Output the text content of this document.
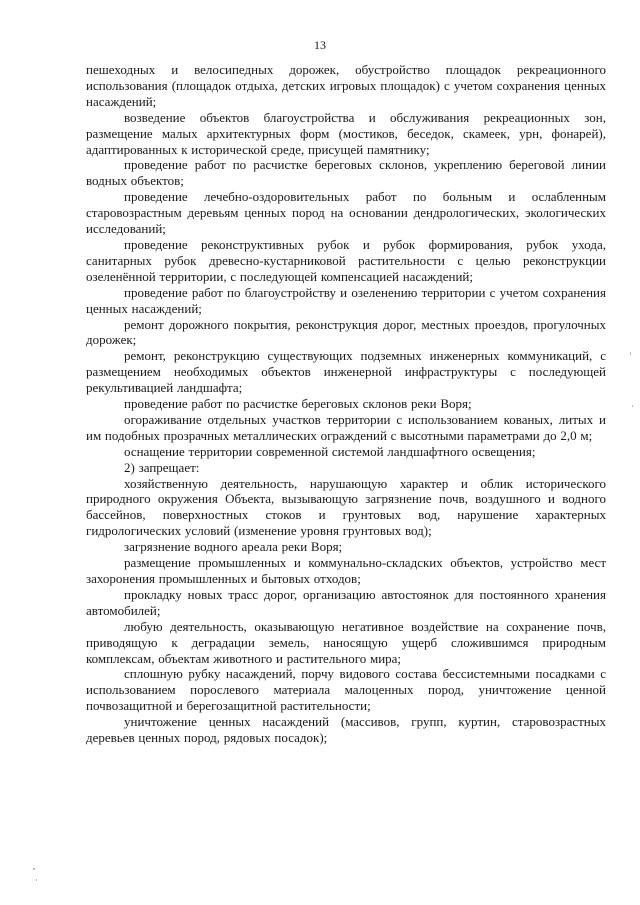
13

пешеходных и велосипедных дорожек, обустройство площадок рекреационного использования (площадок отдыха, детских игровых площадок) с учетом сохранения ценных насаждений;

возведение объектов благоустройства и обслуживания рекреационных зон, размещение малых архитектурных форм (мостиков, беседок, скамеек, урн, фонарей), адаптированных к исторической среде, присущей памятнику;

проведение работ по расчистке береговых склонов, укреплению береговой линии водных объектов;

проведение лечебно-оздоровительных работ по больным и ослабленным старовозрастным деревьям ценных пород на основании дендрологических, экологических исследований;

проведение реконструктивных рубок и рубок формирования, рубок ухода, санитарных рубок древесно-кустарниковой растительности с целью реконструкции озеленённой территории, с последующей компенсацией насаждений;

проведение работ по благоустройству и озеленению территории с учетом сохранения ценных насаждений;

ремонт дорожного покрытия, реконструкция дорог, местных проездов, прогулочных дорожек;

ремонт, реконструкцию существующих подземных инженерных коммуникаций, с размещением необходимых объектов инженерной инфраструктуры с последующей рекультивацией ландшафта;

проведение работ по расчистке береговых склонов реки Воря;

огораживание отдельных участков территории с использованием кованых, литых и им подобных прозрачных металлических ограждений с высотными параметрами до 2,0 м;

оснащение территории современной системой ландшафтного освещения;

2) запрещает:

хозяйственную деятельность, нарушающую характер и облик исторического природного окружения Объекта, вызывающую загрязнение почв, воздушного и водного бассейнов, поверхностных стоков и грунтовых вод, нарушение характерных гидрологических условий (изменение уровня грунтовых вод);

загрязнение водного ареала реки Воря;

размещение промышленных и коммунально-складских объектов, устройство мест захоронения промышленных и бытовых отходов;

прокладку новых трасс дорог, организацию автостоянок для постоянного хранения автомобилей;

любую деятельность, оказывающую негативное воздействие на сохранение почв, приводящую к деградации земель, наносящую ущерб сложившимся природным комплексам, объектам животного и растительного мира;

сплошную рубку насаждений, порчу видового состава бессистемными посадками с использованием порослевого материала малоценных пород, уничтожение ценной почвозащитной и берегозащитной растительности;

уничтожение ценных насаждений (массивов, групп, куртин, старовозрастных деревьев ценных пород, рядовых посадок);
